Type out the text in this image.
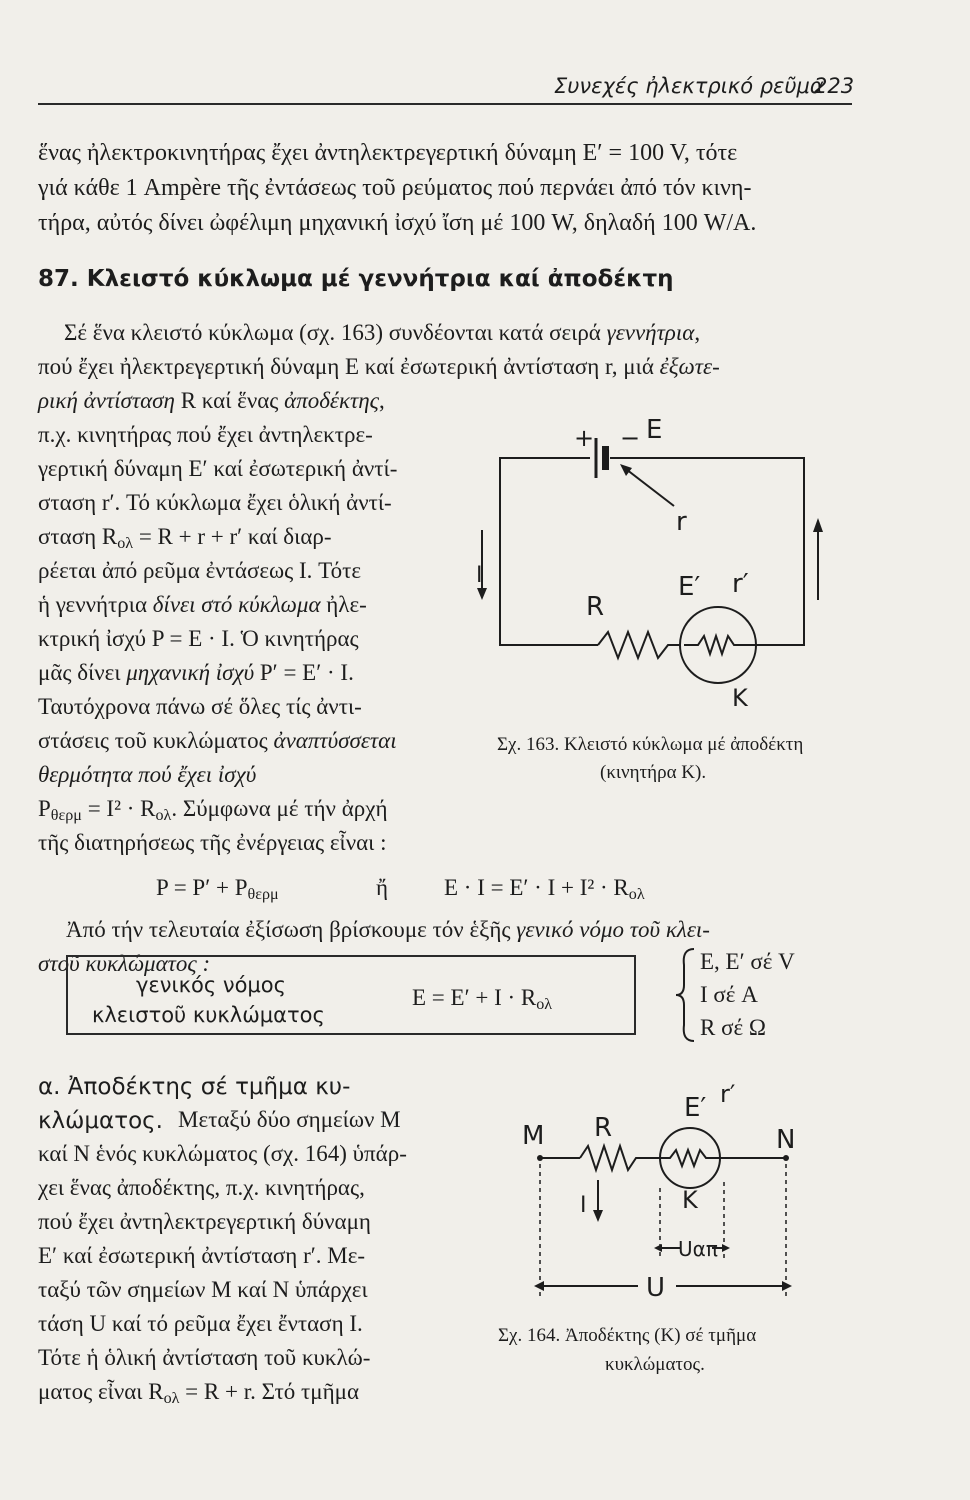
Συνεχές ἠλεκτρικό ρεῦμα
223
ἕνας ἠλεκτροκινητήρας ἔχει ἀντηλεκτρεγερτική δύναμη E′ = 100 V, τότε
γιά κάθε 1 Ampère τῆς ἐντάσεως τοῦ ρεύματος πού περνάει ἀπό τόν κινη-
τήρα, αὐτός δίνει ὠφέλιμη μηχανική ἰσχύ ἴση μέ 100 W, δηλαδή 100 W/A.
87. Κλειστό κύκλωμα μέ γεννήτρια καί ἀποδέκτη
Σέ ἕνα κλειστό κύκλωμα (σχ. 163) συνδέονται κατά σειρά γεννήτρια,
πού ἔχει ἠλεκτρεγερτική δύναμη E καί ἐσωτερική ἀντίσταση r, μιά ἐξωτε-
ρική ἀντίσταση R καί ἕνας ἀποδέκτης,
π.χ. κινητήρας πού ἔχει ἀντηλεκτρε-
γερτική δύναμη E′ καί ἐσωτερική ἀντί-
σταση r′. Τό κύκλωμα ἔχει ὁλική ἀντί-
σταση $R_{o\lambda} = R + r + r'$ καί διαρ-
ρέεται ἀπό ρεῦμα ἐντάσεως I. Τότε
ἡ γεννήτρια δίνει στό κύκλωμα ἠλε-
κτρική ἰσχύ P = E · I. Ὁ κινητήρας
μᾶς δίνει μηχανική ἰσχύ P′ = E′ · I.
Ταυτόχρονα πάνω σέ ὅλες τίς ἀντι-
στάσεις τοῦ κυκλώματος ἀναπτύσσεται
θερμότητα πού ἔχει ἰσχύ
$P_{\theta\varepsilon\rho\mu} = I^2 \cdot R_{o\lambda}$. Σύμφωνα μέ τήν ἀρχή
τῆς διατηρήσεως τῆς ἐνέργειας εἶναι :
$P = P' + P_{\theta\varepsilon\rho\mu}$	ἤ $E \cdot I = E' \cdot I + I^2 \cdot R_{o\lambda}$
Ἀπό τήν τελευταία ἐξίσωση βρίσκουμε τόν ἑξῆς γενικό νόμο τοῦ κλει-
στοῦ κυκλώματος :
γενικός νόμος
κλειστοῦ κυκλώματος
$E = E' + I \cdot R_{o\lambda}$
E, E′ σέ V
I σέ A
R σέ Ω
α. Ἀποδέκτης σέ τμῆμα κυ-
κλώματος. Μεταξύ δύο σημείων M
καί N ἑνός κυκλώματος (σχ. 164) ὑπάρ-
χει ἕνας ἀποδέκτης, π.χ. κινητήρας,
πού ἔχει ἀντηλεκτρεγερτική δύναμη
E′ καί ἐσωτερική ἀντίσταση r′. Με-
ταξύ τῶν σημείων M καί N ὑπάρχει
τάση U καί τό ρεῦμα ἔχει ἔνταση I.
Τότε ἡ ὁλική ἀντίσταση τοῦ κυκλώ-
ματος εἶναι $R_{o\lambda} = R + r$. Στό τμῆμα
E
+ −
r
I
R
E′ r′
K
Σχ. 163. Κλειστό κύκλωμα μέ ἀποδέκτη
(κινητήρα K).
M	N
R
E′ r′
I	K
Uαπ
U
Σχ. 164. Ἀποδέκτης (K) σέ τμῆμα
κυκλώματος.
